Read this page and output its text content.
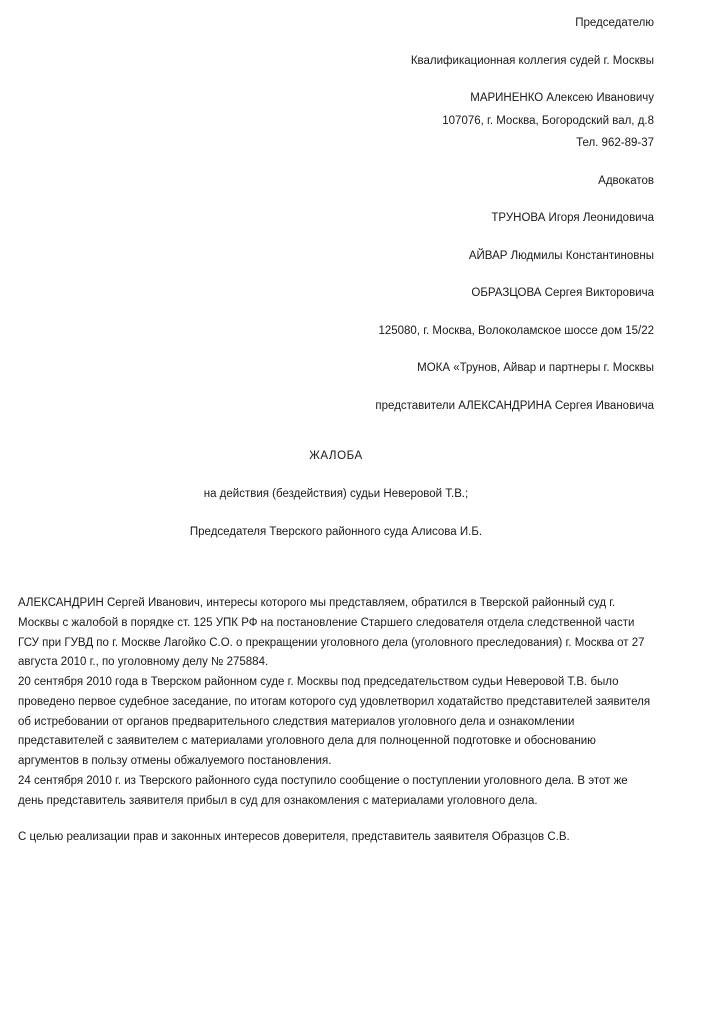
Председателю

Квалификационная коллегия судей г. Москвы

МАРИНЕНКО Алексею Ивановичу

107076, г. Москва, Богородский вал, д.8

Тел. 962-89-37

Адвокатов

ТРУНОВА Игоря Леонидовича

АЙВАР Людмилы Константиновны

ОБРАЗЦОВА Сергея Викторовича

125080, г. Москва, Волоколамское шоссе дом 15/22

МОКА «Трунов, Айвар и партнеры г. Москвы

представители АЛЕКСАНДРИНА Сергея Ивановича

ЖАЛОБА

на действия (бездействия) судьи Неверовой Т.В.;

Председателя Тверского районного суда Алисова И.Б.

АЛЕКСАНДРИН Сергей Иванович, интересы которого мы представляем, обратился в Тверской районный суд г. Москвы с жалобой в порядке ст. 125 УПК РФ на постановление Старшего следователя отдела следственной части ГСУ при ГУВД по г. Москве Лагойко С.О. о прекращении уголовного дела (уголовного преследования) г. Москва от 27 августа 2010 г., по уголовному делу № 275884.

20 сентября 2010 года в Тверском районном суде г. Москвы под председательством судьи Неверовой Т.В. было проведено первое судебное заседание, по итогам которого суд удовлетворил ходатайство представителей заявителя об истребовании от органов предварительного следствия материалов уголовного дела и ознакомлении представителей с заявителем с материалами уголовного дела для полноценной подготовке и обоснованию аргументов в пользу отмены обжалуемого постановления.

24 сентября 2010 г. из Тверского районного суда поступило сообщение о поступлении уголовного дела. В этот же день представитель заявителя прибыл в суд для ознакомления с материалами уголовного дела.

С целью реализации прав и законных интересов доверителя, представитель заявителя Образцов С.В.
